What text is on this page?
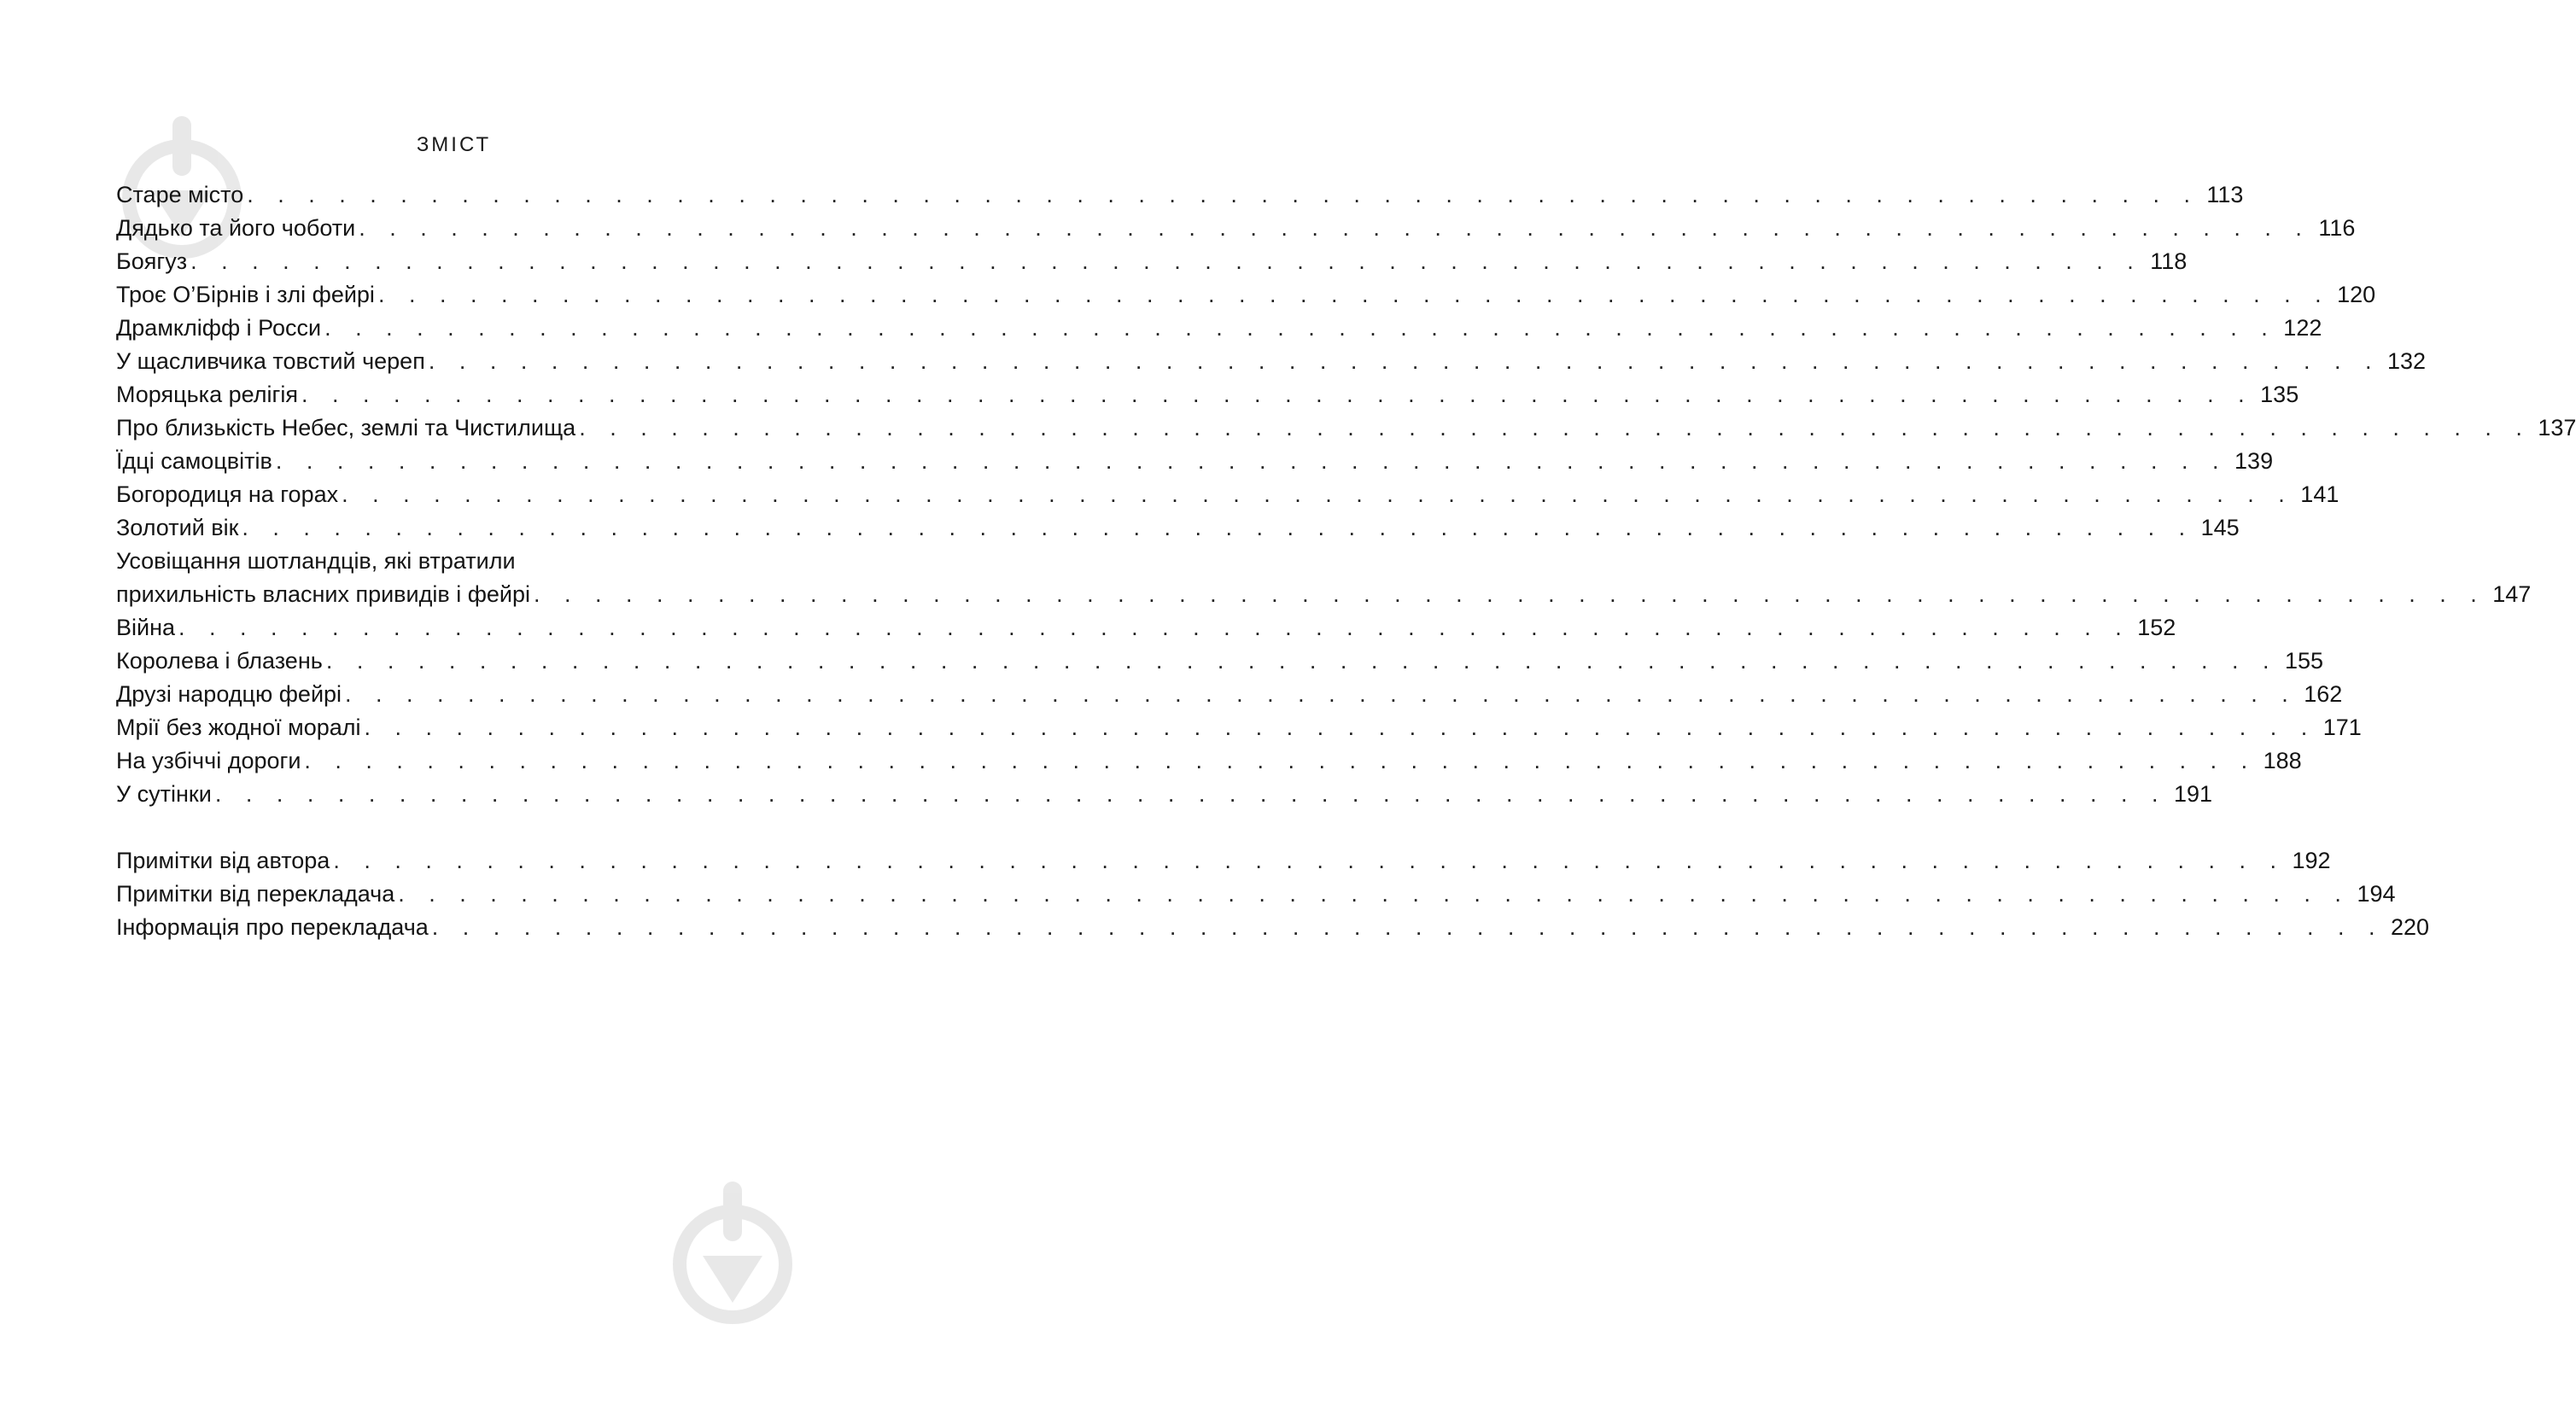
ЗМІСТ
Старе місто . . . . . . . . . . . . . . . . . . . . . . . . . . . . . . . . . . . . . . . . . . . . . . . . . . . . . . . . . . . . . . . . 113
Дядько та його чоботи . . . . . . . . . . . . . . . . . . . . . . . . . . . . . . . . . . . . . . . . . . . . . . . . . . . . . . . . . . . . . . . . 116
Боягуз . . . . . . . . . . . . . . . . . . . . . . . . . . . . . . . . . . . . . . . . . . . . . . . . . . . . . . . . . . . . . . . . 118
Троє О’Бірнів і злі фейрі . . . . . . . . . . . . . . . . . . . . . . . . . . . . . . . . . . . . . . . . . . . . . . . . . . . . . . . . . . . . . . . . 120
Драмкліфф і Росси . . . . . . . . . . . . . . . . . . . . . . . . . . . . . . . . . . . . . . . . . . . . . . . . . . . . . . . . . . . . . . . . 122
У щасливчика товстий череп . . . . . . . . . . . . . . . . . . . . . . . . . . . . . . . . . . . . . . . . . . . . . . . . . . . . . . . . . . . . . . . . 132
Моряцька релігія . . . . . . . . . . . . . . . . . . . . . . . . . . . . . . . . . . . . . . . . . . . . . . . . . . . . . . . . . . . . . . . . 135
Про близькість Небес, землі та Чистилища . . . . . . . . . . . . . . . . . . . . . . . . . . . . . . . . . . . . . . . . . . . . . . . . . . . . . . . . . . . . . . . . 137
Їдці самоцвітів . . . . . . . . . . . . . . . . . . . . . . . . . . . . . . . . . . . . . . . . . . . . . . . . . . . . . . . . . . . . . . . . 139
Богородиця на горах . . . . . . . . . . . . . . . . . . . . . . . . . . . . . . . . . . . . . . . . . . . . . . . . . . . . . . . . . . . . . . . . 141
Золотий вік . . . . . . . . . . . . . . . . . . . . . . . . . . . . . . . . . . . . . . . . . . . . . . . . . . . . . . . . . . . . . . . . 145
Усовіщання шотландців, які втратили
прихильність власних привидів і фейрі . . . . . . . . . . . . . . . . . . . . . . . . . . . . . . . . . . . . . . . . . . . . . . . . . . . . . . . . . . . . . . . . 147
Війна . . . . . . . . . . . . . . . . . . . . . . . . . . . . . . . . . . . . . . . . . . . . . . . . . . . . . . . . . . . . . . . . 152
Королева і блазень . . . . . . . . . . . . . . . . . . . . . . . . . . . . . . . . . . . . . . . . . . . . . . . . . . . . . . . . . . . . . . . . 155
Друзі народцю фейрі . . . . . . . . . . . . . . . . . . . . . . . . . . . . . . . . . . . . . . . . . . . . . . . . . . . . . . . . . . . . . . . . 162
Мрії без жодної моралі . . . . . . . . . . . . . . . . . . . . . . . . . . . . . . . . . . . . . . . . . . . . . . . . . . . . . . . . . . . . . . . . 171
На узбіччі дороги . . . . . . . . . . . . . . . . . . . . . . . . . . . . . . . . . . . . . . . . . . . . . . . . . . . . . . . . . . . . . . . . 188
У сутінки . . . . . . . . . . . . . . . . . . . . . . . . . . . . . . . . . . . . . . . . . . . . . . . . . . . . . . . . . . . . . . . . 191
Примітки від автора . . . . . . . . . . . . . . . . . . . . . . . . . . . . . . . . . . . . . . . . . . . . . . . . . . . . . . . . . . . . . . . . 192
Примітки від перекладача . . . . . . . . . . . . . . . . . . . . . . . . . . . . . . . . . . . . . . . . . . . . . . . . . . . . . . . . . . . . . . . . 194
Інформація про перекладача . . . . . . . . . . . . . . . . . . . . . . . . . . . . . . . . . . . . . . . . . . . . . . . . . . . . . . . . . . . . . . . . 220
